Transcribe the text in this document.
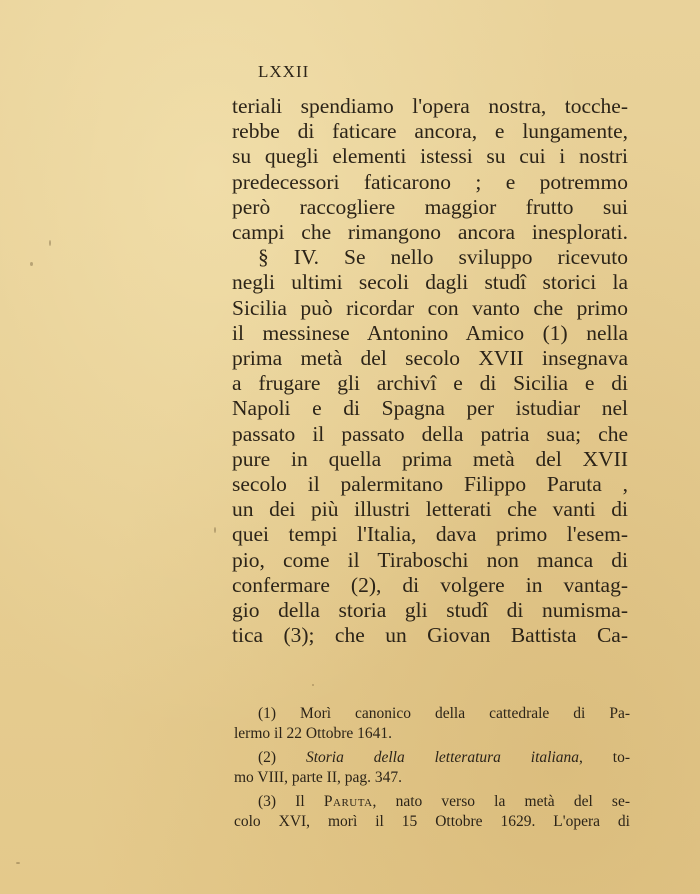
LXXII
teriali spendiamo l'opera nostra, tocche-
rebbe di faticare ancora, e lungamente,
su quegli elementi istessi su cui i nostri
predecessori faticarono ; e potremmo
però raccogliere maggior frutto sui
campi che rimangono ancora inesplorati.
§ IV. Se nello sviluppo ricevuto
negli ultimi secoli dagli studî storici la
Sicilia può ricordar con vanto che primo
il messinese Antonino Amico (1) nella
prima metà del secolo XVII insegnava
a frugare gli archivî e di Sicilia e di
Napoli e di Spagna per istudiar nel
passato il passato della patria sua; che
pure in quella prima metà del XVII
secolo il palermitano Filippo Paruta ,
un dei più illustri letterati che vanti di
quei tempi l'Italia, dava primo l'esem-
pio, come il Tiraboschi non manca di
confermare (2), di volgere in vantag-
gio della storia gli studî di numisma-
tica (3); che un Giovan Battista Ca-
(1) Morì canonico della cattedrale di Pa-
lermo il 22 Ottobre 1641.
(2) Storia della letteratura italiana, to-
mo VIII, parte II, pag. 347.
(3) Il Paruta, nato verso la metà del se-
colo XVI, morì il 15 Ottobre 1629. L'opera di
